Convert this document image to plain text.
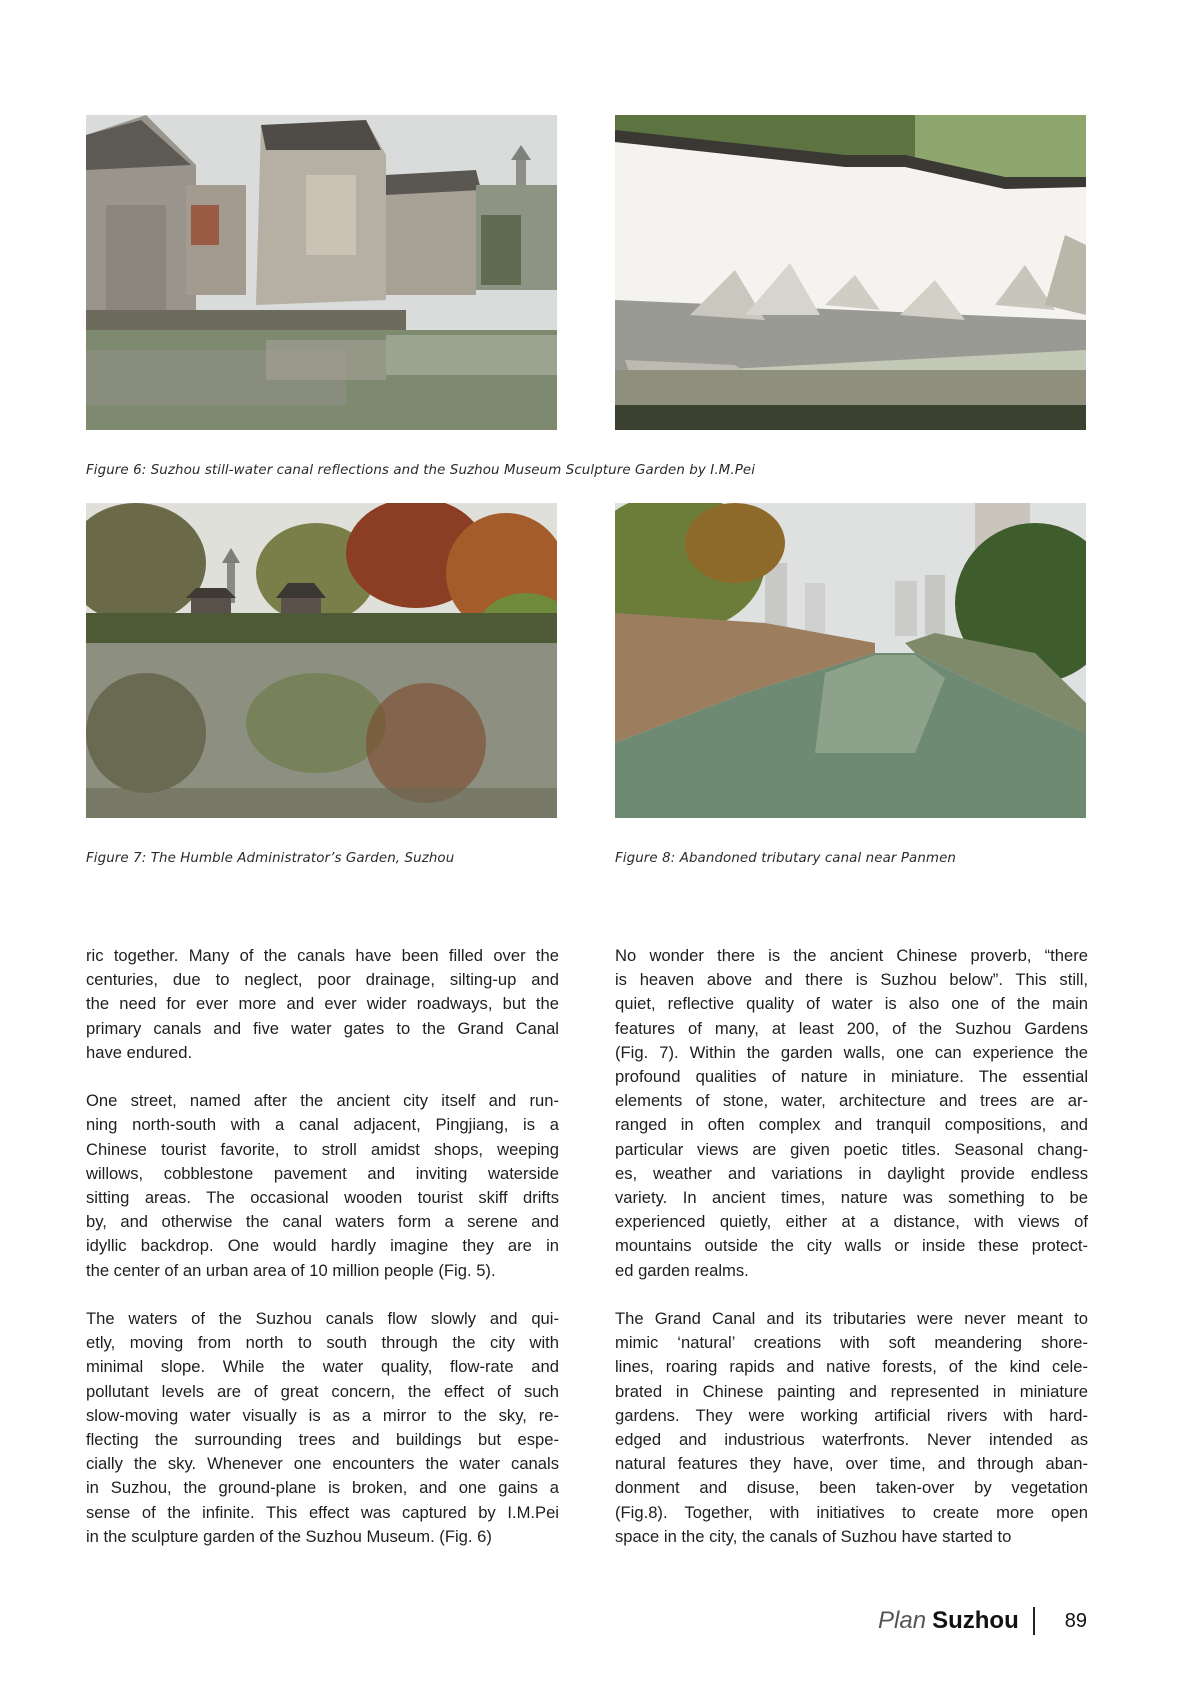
Figure 6: Suzhou still-water canal reflections and the Suzhou Museum Sculpture Garden by I.M.Pei
Figure 7: The Humble Administrator’s Garden, Suzhou	Figure 8: Abandoned tributary canal near Panmen

ric together. Many of the canals have been filled over the
centuries, due to neglect, poor drainage, silting-up and
the need for ever more and ever wider roadways, but the
primary canals and five water gates to the Grand Canal
have endured.

One street, named after the ancient city itself and run-
ning north-south with a canal adjacent, Pingjiang, is a
Chinese tourist favorite, to stroll amidst shops, weeping
willows, cobblestone pavement and inviting waterside
sitting areas. The occasional wooden tourist skiff drifts
by, and otherwise the canal waters form a serene and
idyllic backdrop. One would hardly imagine they are in
the center of an urban area of 10 million people (Fig. 5).

The waters of the Suzhou canals flow slowly and qui-
etly, moving from north to south through the city with
minimal slope. While the water quality, flow-rate and
pollutant levels are of great concern, the effect of such
slow-moving water visually is as a mirror to the sky, re-
flecting the surrounding trees and buildings but espe-
cially the sky. Whenever one encounters the water canals
in Suzhou, the ground-plane is broken, and one gains a
sense of the infinite. This effect was captured by I.M.Pei
in the sculpture garden of the Suzhou Museum. (Fig. 6)

No wonder there is the ancient Chinese proverb, “there
is heaven above and there is Suzhou below”. This still,
quiet, reflective quality of water is also one of the main
features of many, at least 200, of the Suzhou Gardens
(Fig. 7). Within the garden walls, one can experience the
profound qualities of nature in miniature. The essential
elements of stone, water, architecture and trees are ar-
ranged in often complex and tranquil compositions, and
particular views are given poetic titles. Seasonal chang-
es, weather and variations in daylight provide endless
variety. In ancient times, nature was something to be
experienced quietly, either at a distance, with views of
mountains outside the city walls or inside these protect-
ed garden realms.

The Grand Canal and its tributaries were never meant to
mimic ‘natural’ creations with soft meandering shore-
lines, roaring rapids and native forests, of the kind cele-
brated in Chinese painting and represented in miniature
gardens. They were working artificial rivers with hard-
edged and industrious waterfronts. Never intended as
natural features they have, over time, and through aban-
donment and disuse, been taken-over by vegetation
(Fig.8). Together, with initiatives to create more open
space in the city, the canals of Suzhou have started to

Plan Suzhou 89
